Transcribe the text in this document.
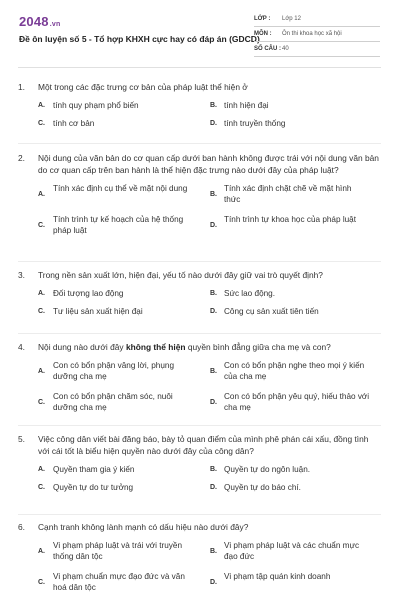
2048.vn
Đề ôn luyện số 5 - Tổ hợp KHXH cực hay có đáp án (GDCD)
LỚP : Lớp 12
MÔN : Ôn thi khoa học xã hội
SỐ CÂU : 40
1. Một trong các đặc trưng cơ bản của pháp luật thể hiện ở
A. tính quy phạm phổ biến	B. tính hiện đại
C. tính cơ bản	D. tính truyền thống
2. Nội dung của văn bản do cơ quan cấp dưới ban hành không được trái với nội dung văn bản do cơ quan cấp trên ban hành là thể hiện đặc trưng nào dưới đây của pháp luật?
A.
Tính xác định cụ thể về mặt nội dung
B.
Tính xác định chặt chẽ về mặt hình thức
C.
Tính trình tự kế hoạch của hệ thống pháp luật
D.
Tính trình tự khoa học của pháp luật
3. Trong nền sản xuất lớn, hiện đại, yếu tố nào dưới đây giữ vai trò quyết định?
A. Đối tượng lao động	B. Sức lao động.
C. Tư liệu sản xuất hiện đại	D. Công cụ sản xuất tiên tiến
4. Nội dung nào dưới đây không thể hiện quyền bình đẳng giữa cha mẹ và con?
A.
Con có bổn phận vâng lời, phụng dưỡng cha mẹ
B.
Con có bổn phận nghe theo mọi ý kiến của cha mẹ
C.
Con có bổn phận chăm sóc, nuôi dưỡng cha mẹ
D.
Con có bổn phận yêu quý, hiếu thảo với cha mẹ
5. Việc công dân viết bài đăng báo, bày tỏ quan điểm của mình phê phán cái xấu, đồng tình với cái tốt là biểu hiện quyền nào dưới đây của công dân?
A. Quyền tham gia ý kiến	B. Quyền tự do ngôn luận.
C. Quyền tự do tư tưởng	D. Quyền tự do báo chí.
6. Cạnh tranh không lành mạnh có dấu hiệu nào dưới đây?
A.
Vi phạm pháp luật và trái với truyền thống dân tộc
B.
Vi phạm pháp luật và các chuẩn mực đạo đức
C.
Vi phạm chuẩn mực đạo đức và văn hoá dân tộc
D.
Vi phạm tập quán kinh doanh
